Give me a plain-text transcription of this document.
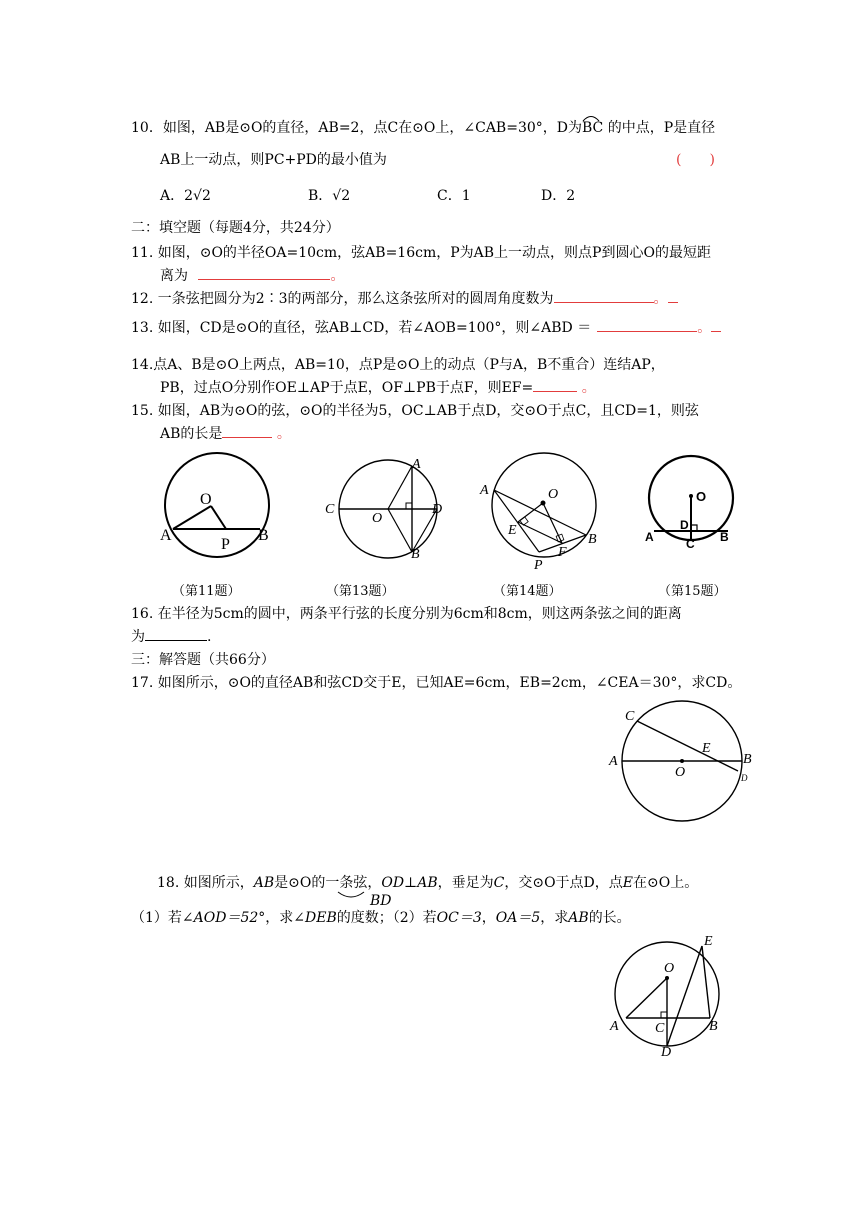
10．如图，AB是⊙O的直径，AB=2，点C在⊙O上，∠CAB=30°，D为BC
的中点，P是直径
AB上一动点，则PC+PD的最小值为	(　　)
A．2√2	B．√2	C．1	D．2
二：填空题（每题4分，共24分）
11. 如图，⊙O的半径OA=10cm，弦AB=16cm，P为AB上一动点，则点P到圆心O的最短距
离为	。
12. 一条弦把圆分为2∶3的两部分，那么这条弦所对的圆周角度数为	。
13. 如图，CD是⊙O的直径，弦AB⊥CD，若∠AOB=100°，则∠ABD ＝	。
14.点A、B是⊙O上两点，AB=10，点P是⊙O上的动点（P与A，B不重合）连结AP，
PB，过点O分别作OE⊥AP于点E，OF⊥PB于点F，则EF=	。
15. 如图，AB为⊙O的弦，⊙O的半径为5，OC⊥AB于点D，交⊙O于点C，且CD=1，则弦
AB的长是	。
O
A
P
B
A
C
O
D
B
A	O
E
F
B
P
O
D
A	C B
（第11题）	（第13题）	（第14题）	（第15题）
16. 在半径为5cm的圆中，两条平行弦的长度分别为6cm和8cm，则这两条弦之间的距离
为	.
三：解答题（共66分）
17. 如图所示，⊙O的直径AB和弦CD交于E，已知AE=6cm，EB=2cm，∠CEA＝30°，求CD。
C
E
A	B
O	D
18. 如图所示，AB是⊙O的一条弦，OD⊥AB，垂足为C，交⊙O于点D，点E在⊙O上。
BD
（1）若∠AOD＝52°，求∠DEB的度数；（2）若OC＝3，OA＝5，求AB的长。
E
O
A	C	B
D
